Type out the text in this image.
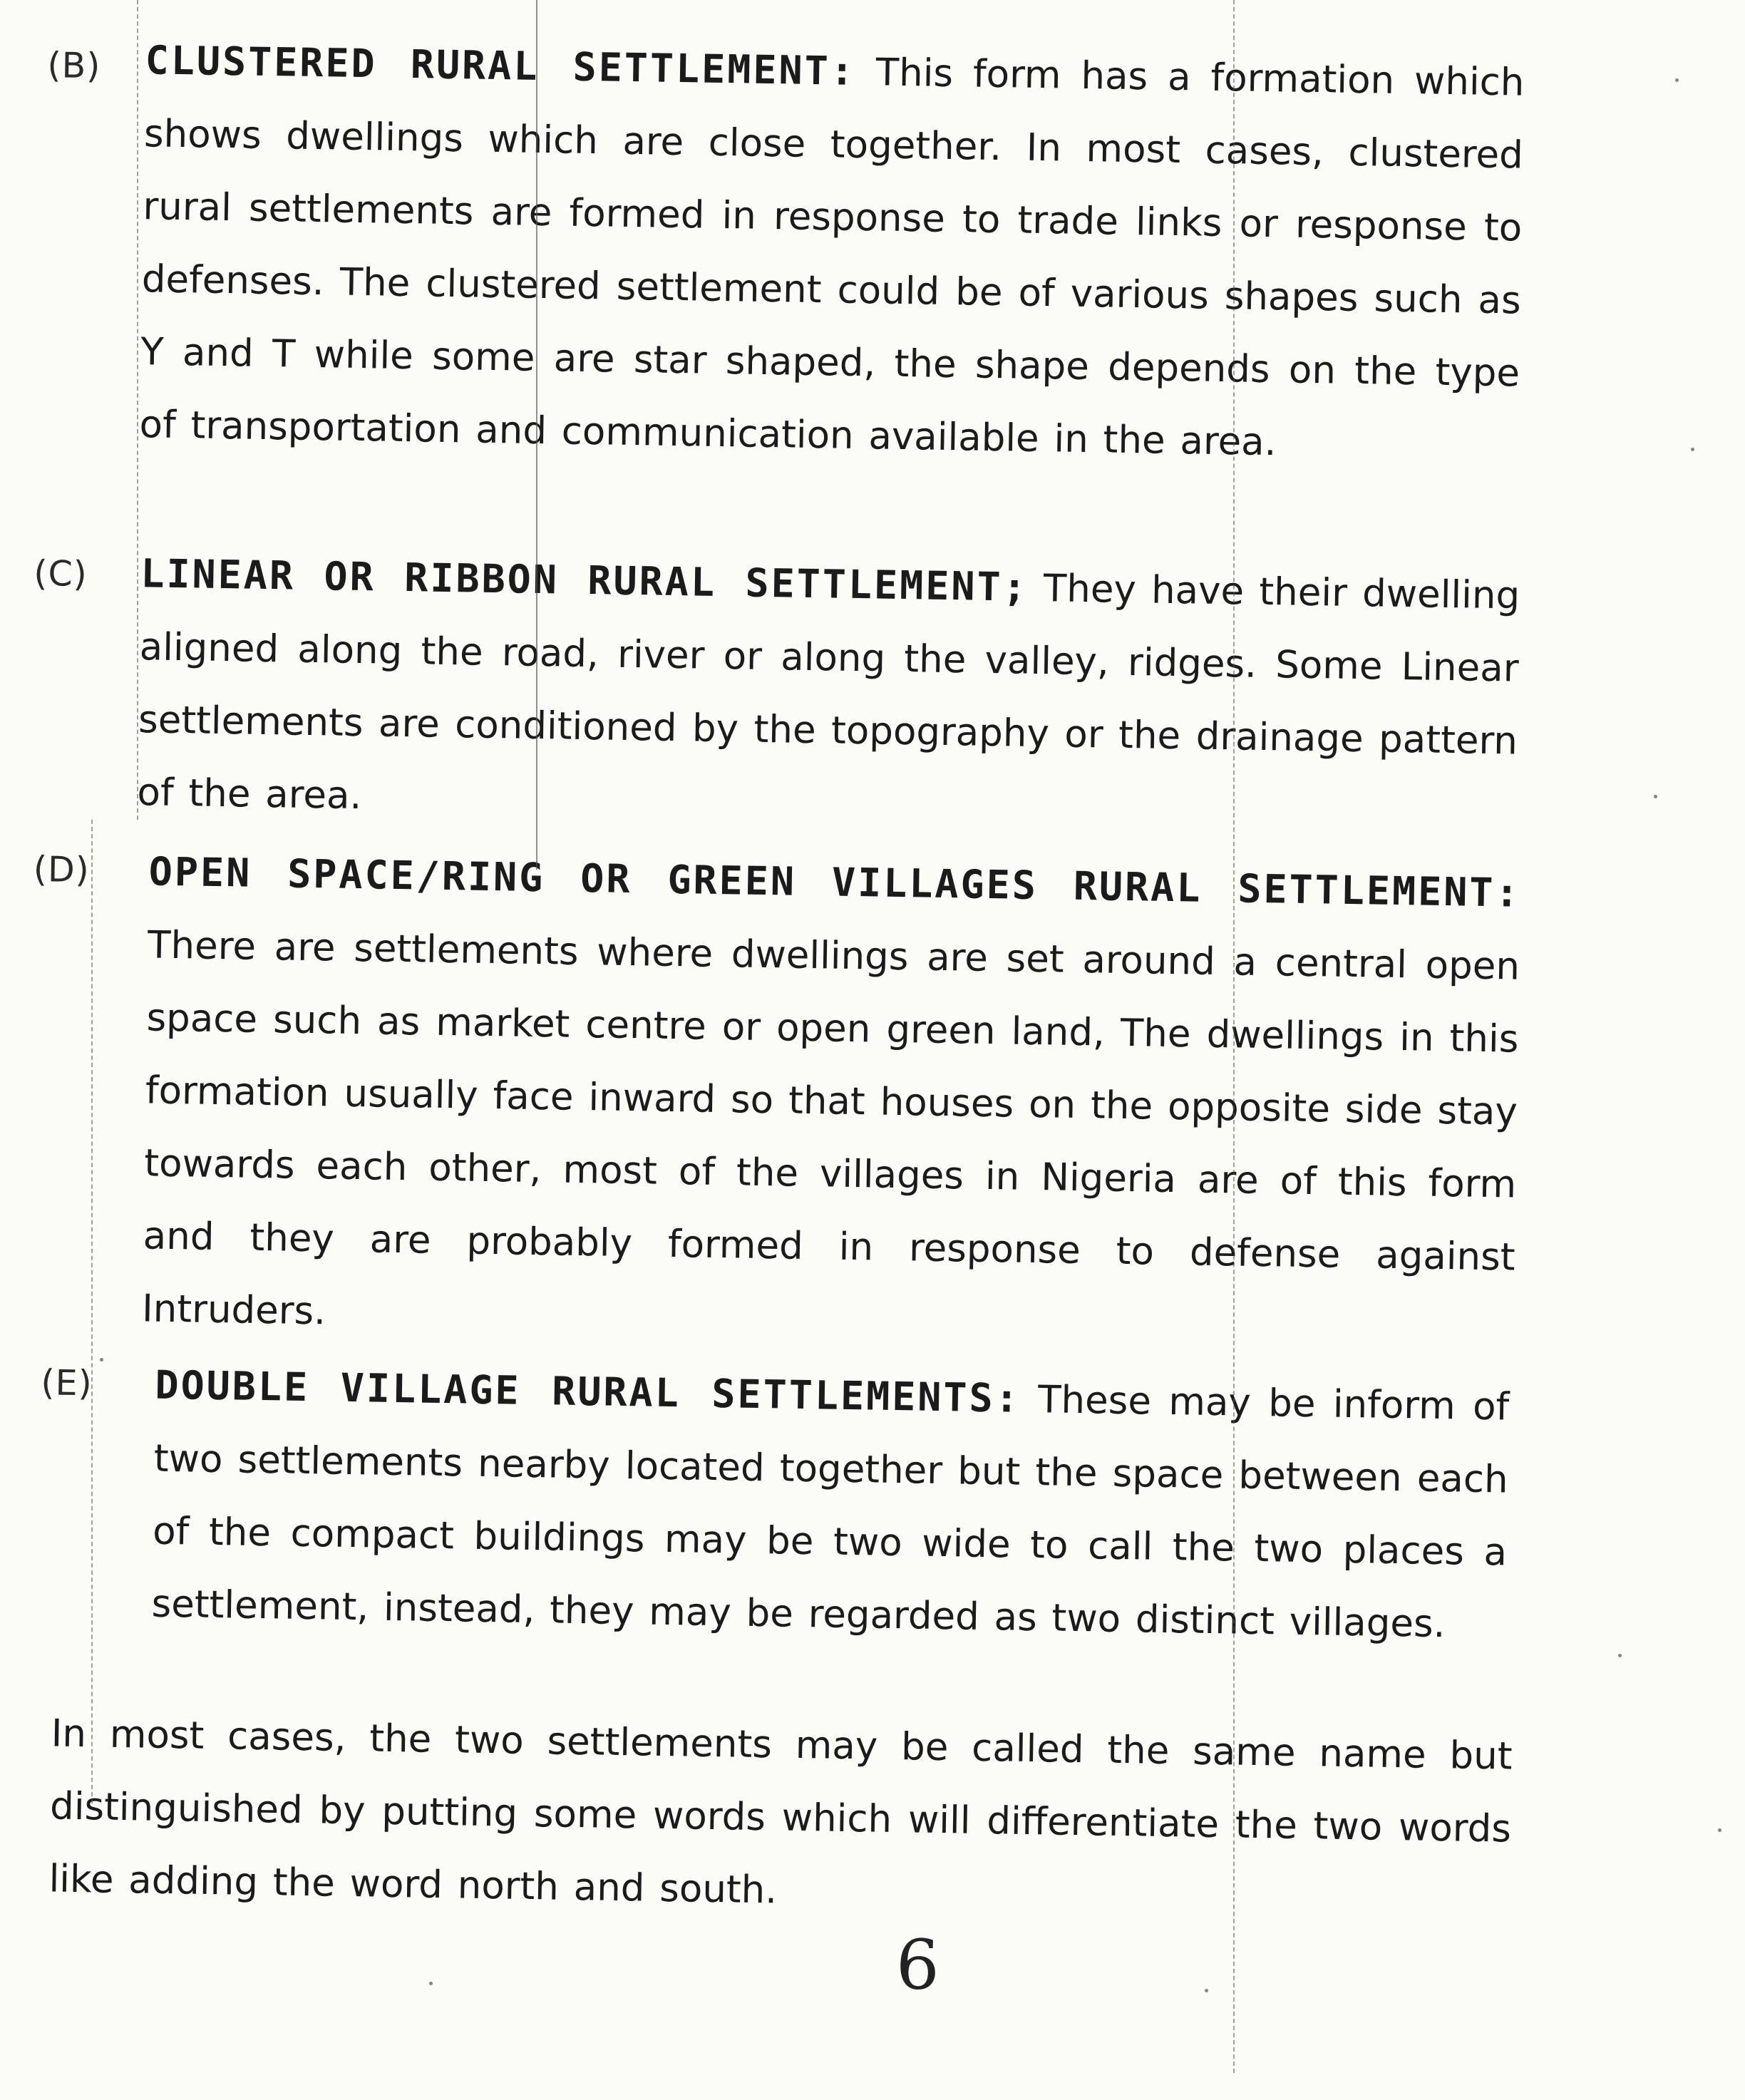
(B) CLUSTERED RURAL SETTLEMENT: This form has a formation which shows dwellings which are close together. In most cases, clustered rural settlements are formed in response to trade links or response to defenses. The clustered settlement could be of various shapes such as Y and T while some are star shaped, the shape depends on the type of transportation and communication available in the area.
(C) LINEAR OR RIBBON RURAL SETTLEMENT; They have their dwelling aligned along the road, river or along the valley, ridges. Some Linear settlements are conditioned by the topography or the drainage pattern of the area.
(D) OPEN SPACE/RING OR GREEN VILLAGES RURAL SETTLEMENT: There are settlements where dwellings are set around a central open space such as market centre or open green land, The dwellings in this formation usually face inward so that houses on the opposite side stay towards each other, most of the villages in Nigeria are of this form and they are probably formed in response to defense against Intruders.
(E) DOUBLE VILLAGE RURAL SETTLEMENTS: These may be inform of two settlements nearby located together but the space between each of the compact buildings may be two wide to call the two places a settlement, instead, they may be regarded as two distinct villages.
In most cases, the two settlements may be called the same name but distinguished by putting some words which will differentiate the two words like adding the word north and south.
6
